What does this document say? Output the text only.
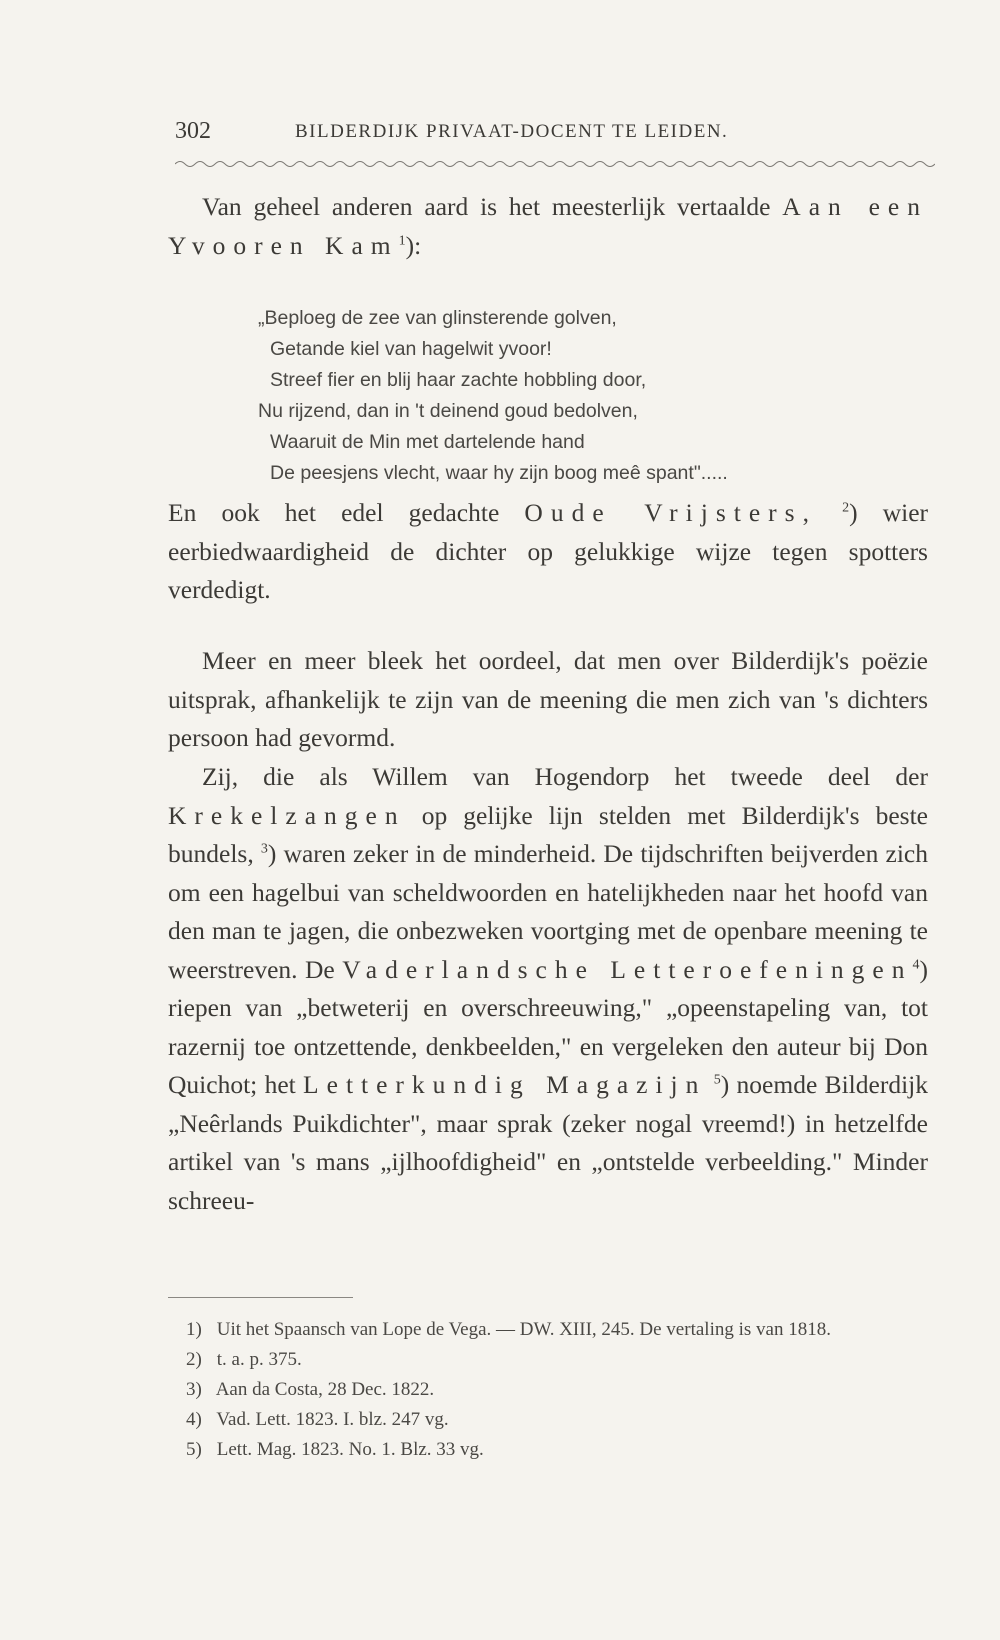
302	BILDERDIJK PRIVAAT-DOCENT TE LEIDEN.

Van geheel anderen aard is het meesterlijk vertaalde Aan een Yvooren Kam$^1$):

„Beploeg de zee van glinsterende golven,
Getande kiel van hagelwit yvoor!
Streef fier en blij haar zachte hobbling door,
Nu rijzend, dan in 't deinend goud bedolven,
Waaruit de Min met dartelende hand
De peesjens vlecht, waar hy zijn boog meê spant".....

En ook het edel gedachte Oude Vrijsters, $^2$) wier eerbiedwaardigheid de dichter op gelukkige wijze tegen spotters verdedigt.

Meer en meer bleek het oordeel, dat men over Bilderdijk's poëzie uitsprak, afhankelijk te zijn van de meening die men zich van 's dichters persoon had gevormd.

Zij, die als Willem van Hogendorp het tweede deel der Krekelzangen op gelijke lijn stelden met Bilderdijk's beste bundels, $^3$) waren zeker in de minderheid. De tijdschriften beijverden zich om een hagelbui van scheldwoorden en hatelijkheden naar het hoofd van den man te jagen, die onbezweken voortging met de openbare meening te weerstreven. De Vaderlandsche Letteroefeningen$^4$) riepen van „betweterij en overschreeuwing," „opeenstapeling van, tot razernij toe ontzettende, denkbeelden," en vergeleken den auteur bij Don Quichot; het Letterkundig Magazijn $^5$) noemde Bilderdijk „Neêrlands Puikdichter", maar sprak (zeker nogal vreemd!) in hetzelfde artikel van 's mans „ijlhoofdigheid" en „ontstelde verbeelding." Minder schreeu-

1) Uit het Spaansch van Lope de Vega. — DW. XIII, 245. De vertaling is van 1818.
2) t. a. p. 375.
3) Aan da Costa, 28 Dec. 1822.
4) Vad. Lett. 1823. I. blz. 247 vg.
5) Lett. Mag. 1823. No. 1. Blz. 33 vg.
